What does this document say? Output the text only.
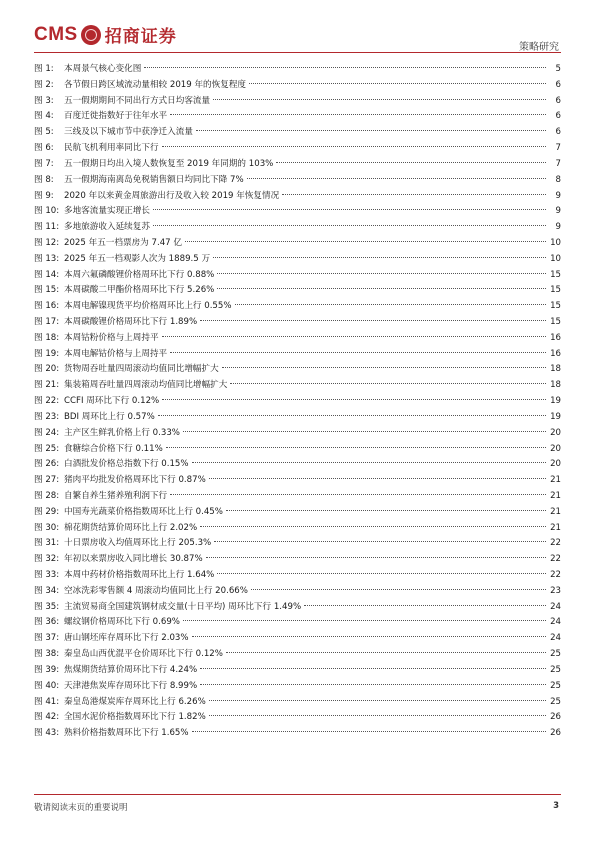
CMS 招商证券
策略研究
图 1:	本周景气核心变化图	5
图 2:	各节假日跨区域流动量相较 2019 年的恢复程度	6
图 3:	五一假期期间不同出行方式日均客流量	6
图 4:	百度迁徙指数好于往年水平	6
图 5:	三线及以下城市节中获净迁入流量	6
图 6:	民航飞机利用率同比下行	7
图 7:	五一假期日均出入境人数恢复至 2019 年同期的 103%	7
图 8:	五一假期海南离岛免税销售额日均同比下降 7%	8
图 9:	2020 年以来黄金周旅游出行及收入较 2019 年恢复情况	9
图 10: 多地客流量实现正增长	9
图 11: 多地旅游收入延续复苏	9
图 12: 2025 年五一档票房为 7.47 亿	10
图 13: 2025 年五一档观影人次为 1889.5 万	10
图 14: 本周六氟磷酸锂价格周环比下行 0.88%	15
图 15: 本周碳酸二甲酯价格周环比下行 5.26%	15
图 16: 本周电解镍现货平均价格周环比上行 0.55%	15
图 17: 本周碳酸锂价格周环比下行 1.89%	15
图 18: 本周钴粉价格与上周持平	16
图 19: 本周电解钴价格与上周持平	16
图 20: 货物周吞吐量四周滚动均值同比增幅扩大	18
图 21: 集装箱周吞吐量四周滚动均值同比增幅扩大	18
图 22: CCFI 周环比下行 0.12%	19
图 23: BDI 周环比上行 0.57%	19
图 24: 主产区生鲜乳价格上行 0.33%	20
图 25: 食糖综合价格下行 0.11%	20
图 26: 白酒批发价格总指数下行 0.15%	20
图 27: 猪肉平均批发价格周环比下行 0.87%	21
图 28: 自繁自养生猪养殖利润下行	21
图 29: 中国寿光蔬菜价格指数周环比上行 0.45%	21
图 30: 棉花期货结算价周环比上行 2.02%	21
图 31: 十日票房收入均值周环比上行 205.3%	22
图 32: 年初以来票房收入同比增长 30.87%	22
图 33: 本周中药材价格指数周环比上行 1.64%	22
图 34: 空冰洗彩零售额 4 周滚动均值同比上行 20.66%	23
图 35: 主流贸易商全国建筑钢材成交量(十日平均) 周环比下行 1.49%	24
图 36: 螺纹钢价格周环比下行 0.69%	24
图 37: 唐山钢坯库存周环比下行 2.03%	24
图 38: 秦皇岛山西优混平仓价周环比下行 0.12%	25
图 39: 焦煤期货结算价周环比下行 4.24%	25
图 40: 天津港焦炭库存周环比下行 8.99%	25
图 41: 秦皇岛港煤炭库存周环比上行 6.26%	25
图 42: 全国水泥价格指数周环比下行 1.82%	26
图 43: 熟料价格指数周环比下行 1.65%	26
敬请阅读末页的重要说明	3
